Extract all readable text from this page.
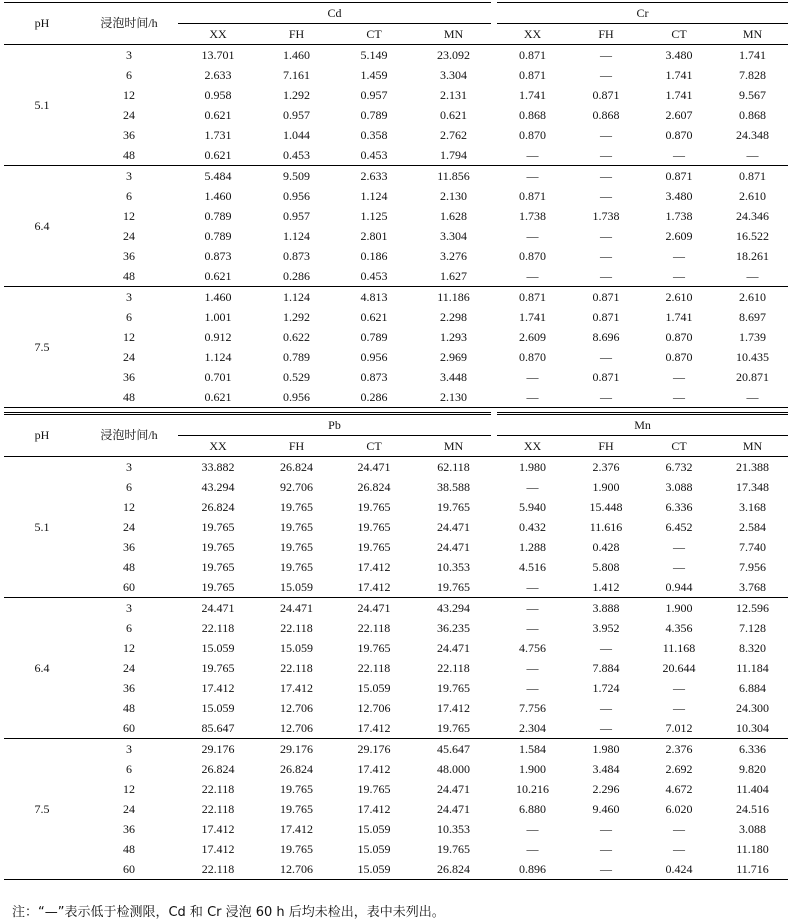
pH	浸泡时间/h	Cd				Cr			
		XX	FH	CT	MN	XX	FH	CT	MN
5.1	3	13.701	1.460	5.149	23.092	0.871	—	3.480	1.741
	6	2.633	7.161	1.459	3.304	0.871	—	1.741	7.828
	12	0.958	1.292	0.957	2.131	1.741	0.871	1.741	9.567
	24	0.621	0.957	0.789	0.621	0.868	0.868	2.607	0.868
	36	1.731	1.044	0.358	2.762	0.870	—	0.870	24.348
	48	0.621	0.453	0.453	1.794	—	—	—	—
6.4	3	5.484	9.509	2.633	11.856	—	—	0.871	0.871
	6	1.460	0.956	1.124	2.130	0.871	—	3.480	2.610
	12	0.789	0.957	1.125	1.628	1.738	1.738	1.738	24.346
	24	0.789	1.124	2.801	3.304	—	—	2.609	16.522
	36	0.873	0.873	0.186	3.276	0.870	—	—	18.261
	48	0.621	0.286	0.453	1.627	—	—	—	—
7.5	3	1.460	1.124	4.813	11.186	0.871	0.871	2.610	2.610
	6	1.001	1.292	0.621	2.298	1.741	0.871	1.741	8.697
	12	0.912	0.622	0.789	1.293	2.609	8.696	0.870	1.739
	24	1.124	0.789	0.956	2.969	0.870	—	0.870	10.435
	36	0.701	0.529	0.873	3.448	—	0.871	—	20.871
	48	0.621	0.956	0.286	2.130	—	—	—	—
pH	浸泡时间/h	Pb				Mn			
		XX	FH	CT	MN	XX	FH	CT	MN
5.1	3	33.882	26.824	24.471	62.118	1.980	2.376	6.732	21.388
	6	43.294	92.706	26.824	38.588	—	1.900	3.088	17.348
	12	26.824	19.765	19.765	19.765	5.940	15.448	6.336	3.168
	24	19.765	19.765	19.765	24.471	0.432	11.616	6.452	2.584
	36	19.765	19.765	19.765	24.471	1.288	0.428	—	7.740
	48	19.765	19.765	17.412	10.353	4.516	5.808	—	7.956
	60	19.765	15.059	17.412	19.765	—	1.412	0.944	3.768
6.4	3	24.471	24.471	24.471	43.294	—	3.888	1.900	12.596
	6	22.118	22.118	22.118	36.235	—	3.952	4.356	7.128
	12	15.059	15.059	19.765	24.471	4.756	—	11.168	8.320
	24	19.765	22.118	22.118	22.118	—	7.884	20.644	11.184
	36	17.412	17.412	15.059	19.765	—	1.724	—	6.884
	48	15.059	12.706	12.706	17.412	7.756	—	—	24.300
	60	85.647	12.706	17.412	19.765	2.304	—	7.012	10.304
7.5	3	29.176	29.176	29.176	45.647	1.584	1.980	2.376	6.336
	6	26.824	26.824	17.412	48.000	1.900	3.484	2.692	9.820
	12	22.118	19.765	19.765	24.471	10.216	2.296	4.672	11.404
	24	22.118	19.765	17.412	24.471	6.880	9.460	6.020	24.516
	36	17.412	17.412	15.059	10.353	—	—	—	3.088
	48	17.412	19.765	15.059	19.765	—	—	—	11.180
	60	22.118	12.706	15.059	26.824	0.896	—	0.424	11.716
注：“—”表示低于检测限，Cd 和 Cr 浸泡 60 h 后均未检出，表中未列出。
